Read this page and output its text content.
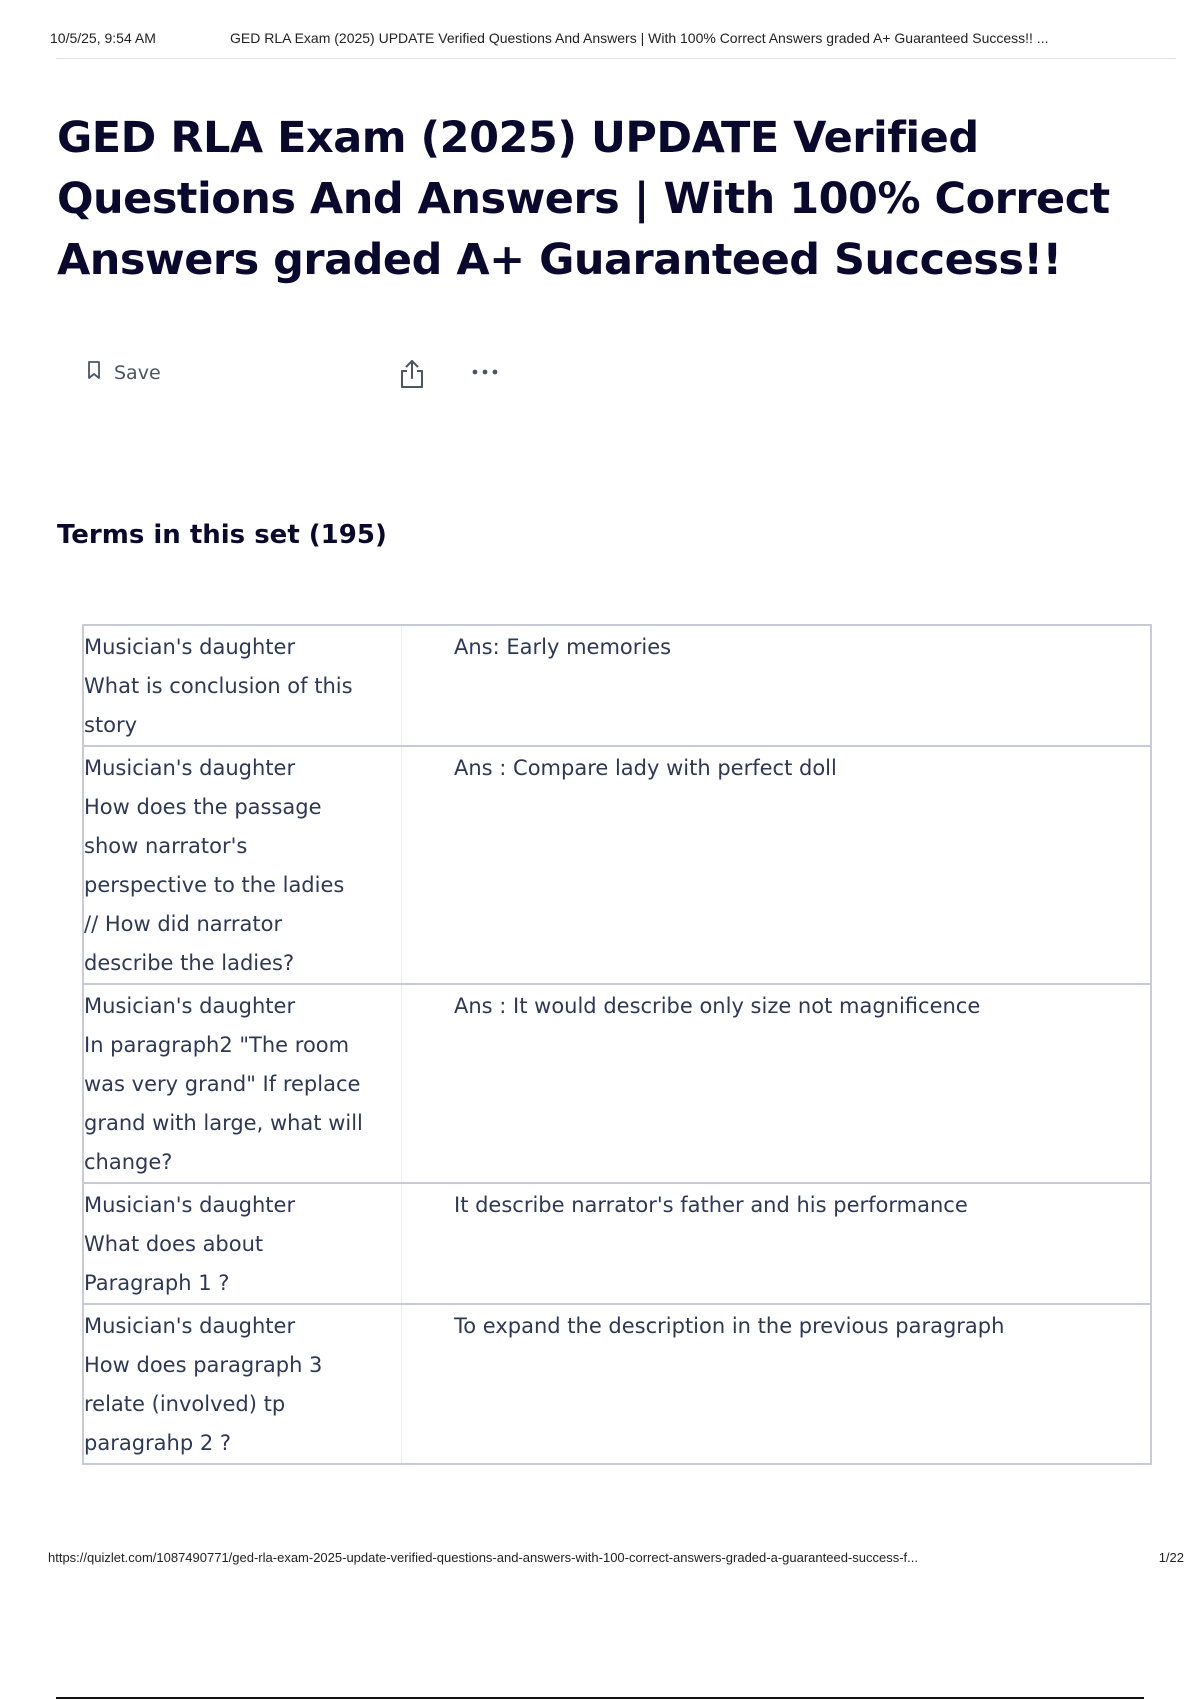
10/5/25, 9:54 AM	GED RLA Exam (2025) UPDATE Verified Questions And Answers | With 100% Correct Answers graded A+ Guaranteed Success!! ...
GED RLA Exam (2025) UPDATE Verified Questions And Answers | With 100% Correct Answers graded A+ Guaranteed Success!!
Save
Terms in this set (195)
Musician's daughter
What is conclusion of this
story
Ans: Early memories
Musician's daughter
How does the passage
show narrator's
perspective to the ladies
// How did narrator
describe the ladies?
Ans : Compare lady with perfect doll
Musician's daughter
In paragraph2 "The room
was very grand" If replace
grand with large, what will
change?
Ans : It would describe only size not magnificence
Musician's daughter
What does about
Paragraph 1 ?
It describe narrator's father and his performance
Musician's daughter
How does paragraph 3
relate (involved) tp
paragrahp 2 ?
To expand the description in the previous paragraph
https://quizlet.com/1087490771/ged-rla-exam-2025-update-verified-questions-and-answers-with-100-correct-answers-graded-a-guaranteed-success-f...	1/22
